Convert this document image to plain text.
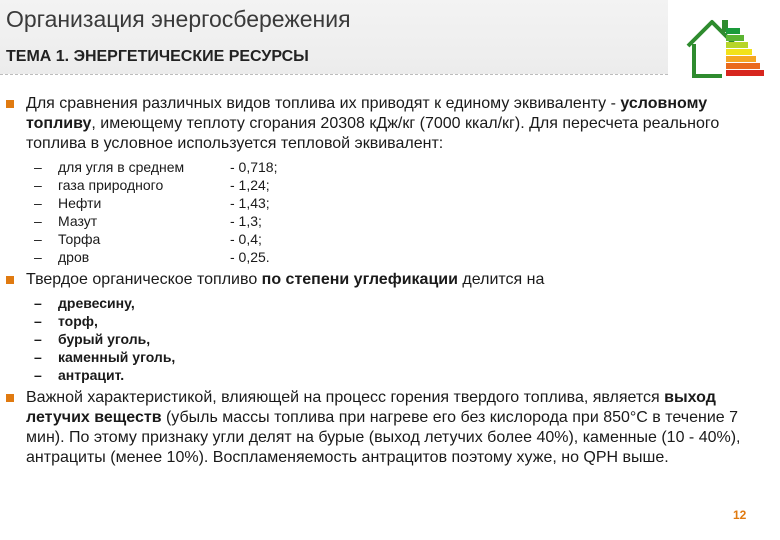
Организация энергосбережения
ТЕМА 1. ЭНЕРГЕТИЧЕСКИЕ РЕСУРСЫ
Для сравнения различных видов топлива их приводят к единому эквиваленту - условному топливу, имеющему теплоту сгорания 20308 кДж/кг (7000 ккал/кг). Для пересчета реального топлива в условное используется тепловой эквивалент:
– для угля в среднем	- 0,718;
– газа природного	- 1,24;
– Нефти	- 1,43;
– Мазут	- 1,3;
– Торфа	- 0,4;
– дров	- 0,25.
Твердое органическое топливо по степени углефикации делится на
– древесину,
– торф,
– бурый уголь,
– каменный уголь,
– антрацит.
Важной характеристикой, влияющей на процесс горения твердого топлива, является выход летучих веществ (убыль массы топлива при нагреве его без кислорода при 850°С в течение 7 мин). По этому признаку угли делят на бурые (выход летучих более 40%), каменные (10 - 40%), антрациты (менее 10%). Воспламеняемость антрацитов поэтому хуже, но QPH выше.
12
